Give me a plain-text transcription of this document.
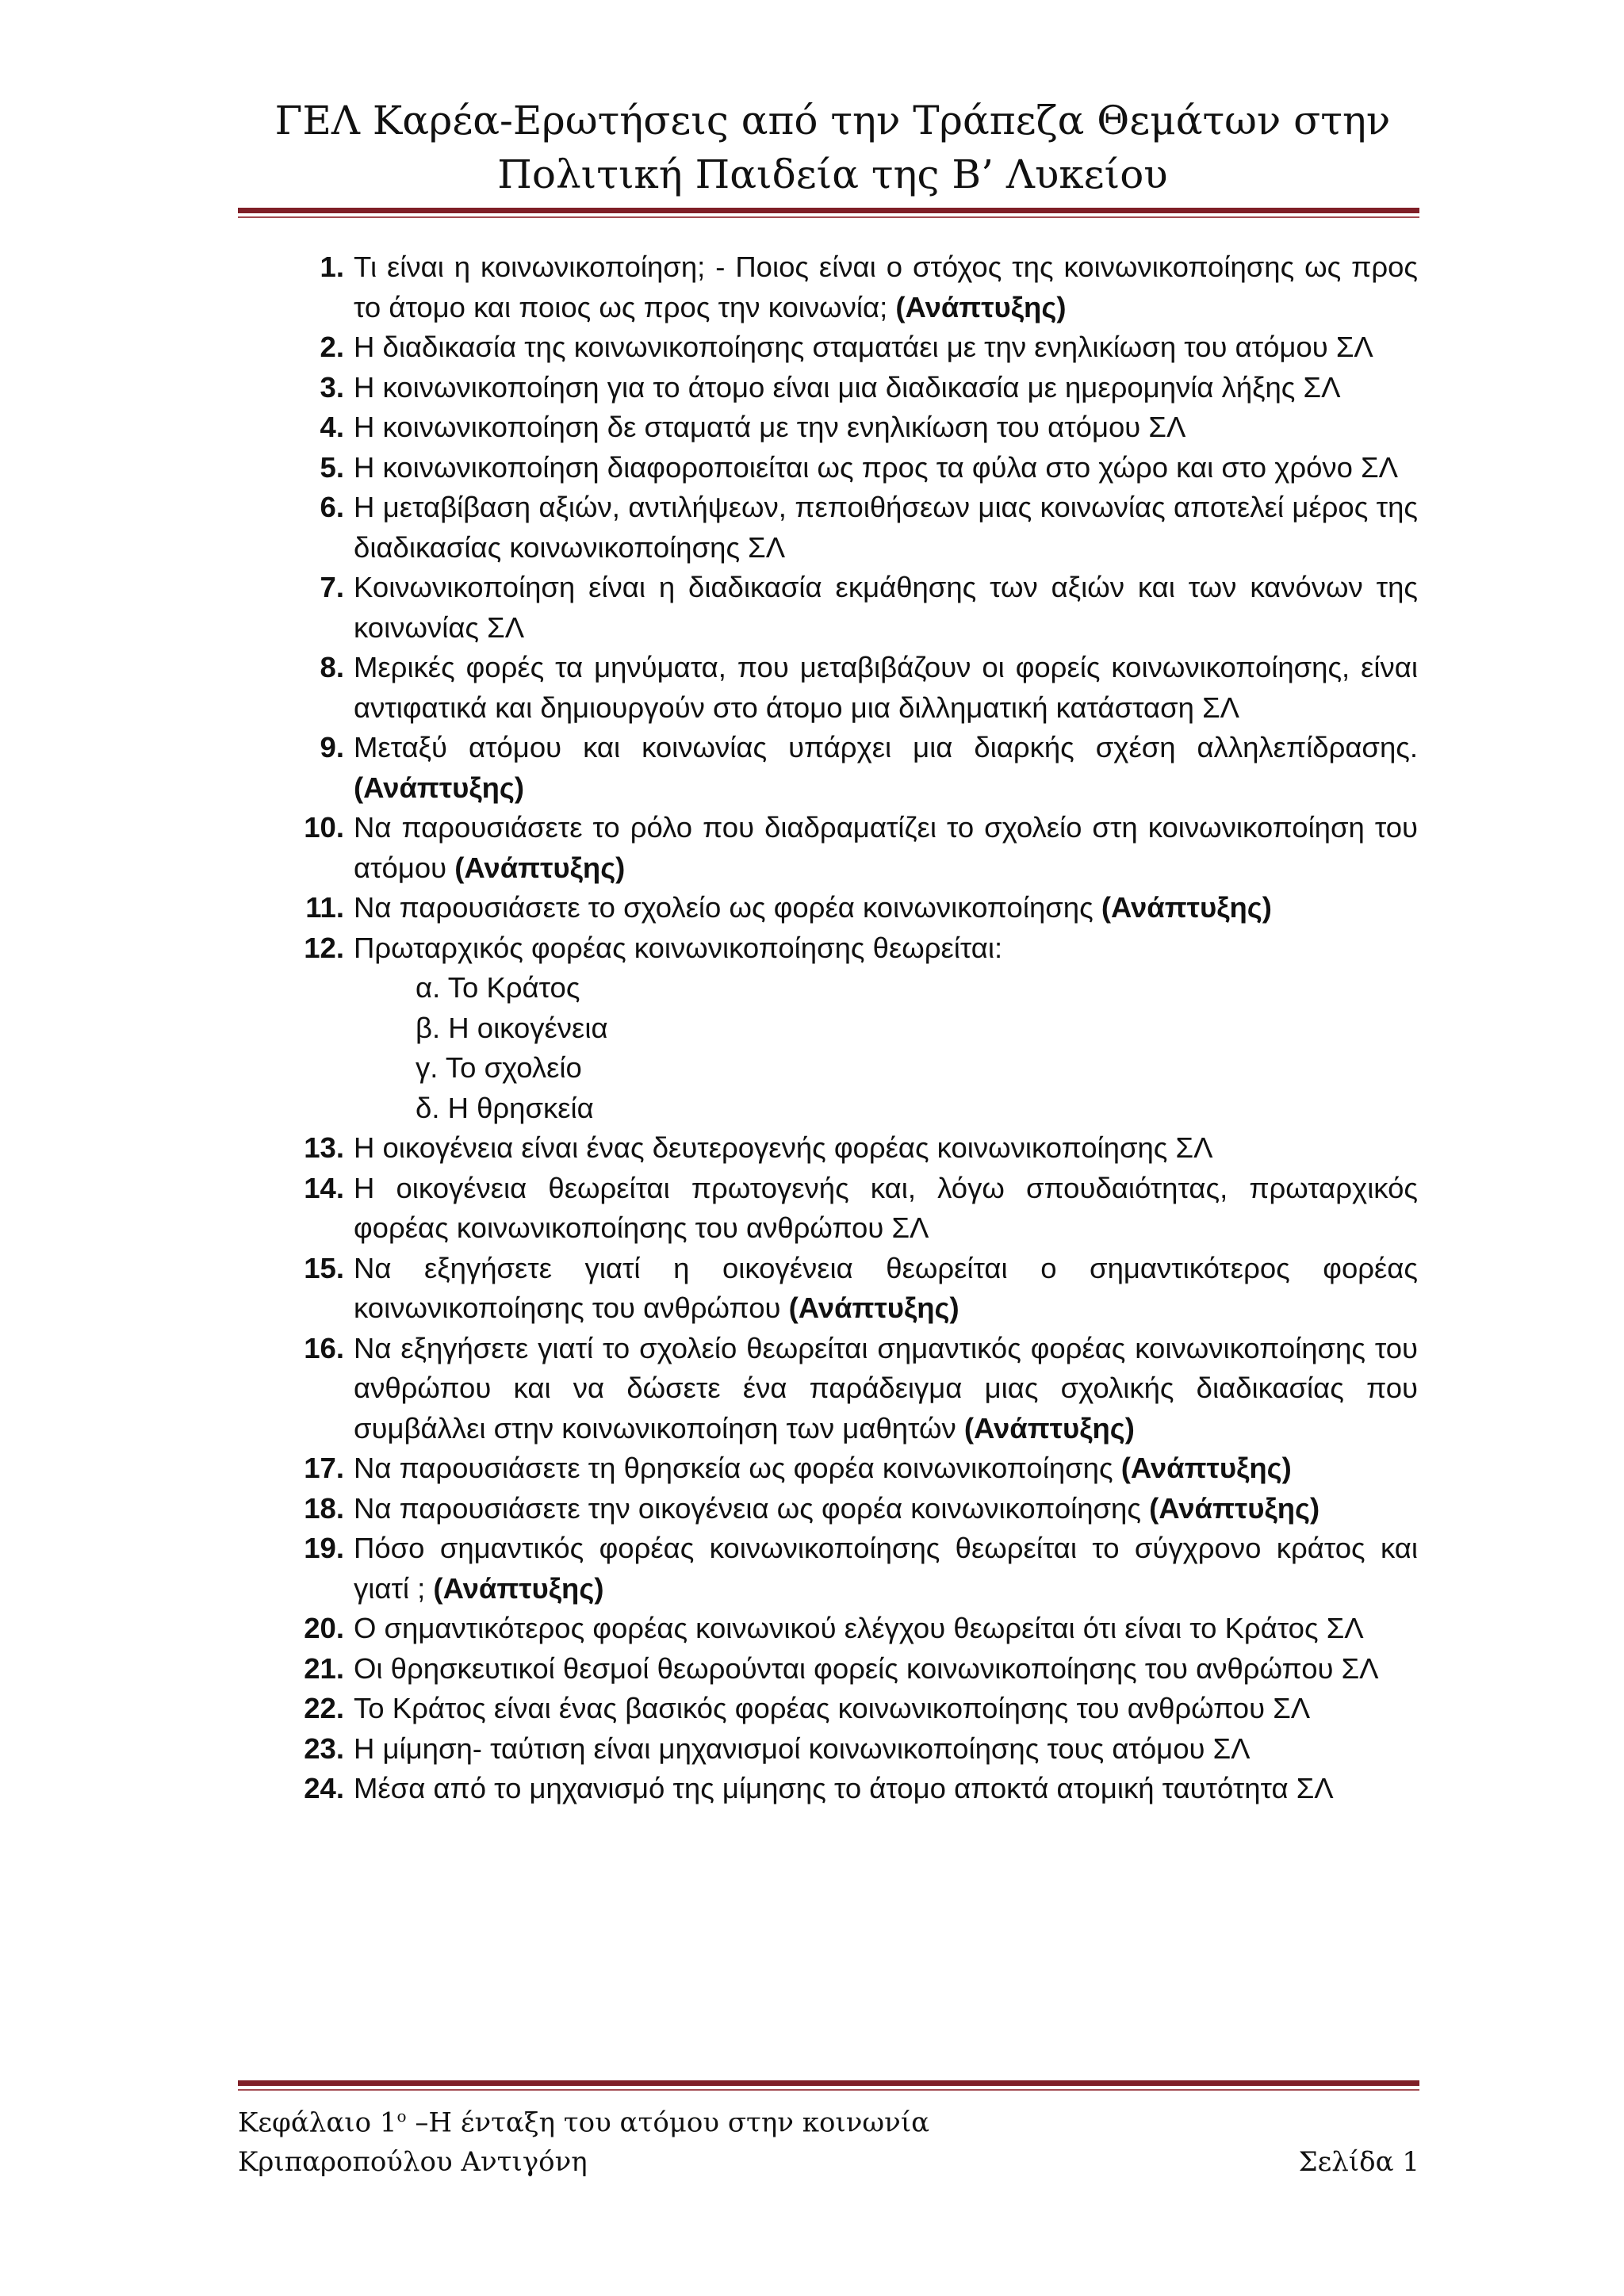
ΓΕΛ Καρέα-Ερωτήσεις από την Τράπεζα Θεμάτων στην
Πολιτική Παιδεία της Β’ Λυκείου
1. Τι είναι η κοινωνικοποίηση; - Ποιος είναι ο στόχος της κοινωνικοποίησης ως προς το άτομο και ποιος ως προς την κοινωνία; (Ανάπτυξης)
2. Η διαδικασία της κοινωνικοποίησης σταματάει με την ενηλικίωση του ατόμου ΣΛ
3. Η κοινωνικοποίηση για το άτομο είναι μια διαδικασία με ημερομηνία λήξης ΣΛ
4. Η κοινωνικοποίηση δε σταματά με την ενηλικίωση του ατόμου ΣΛ
5. Η κοινωνικοποίηση διαφοροποιείται ως προς τα φύλα στο χώρο και στο χρόνο ΣΛ
6. Η μεταβίβαση αξιών, αντιλήψεων, πεποιθήσεων μιας κοινωνίας αποτελεί μέρος της διαδικασίας κοινωνικοποίησης ΣΛ
7. Κοινωνικοποίηση είναι η διαδικασία εκμάθησης των αξιών και των κανόνων της κοινωνίας ΣΛ
8. Μερικές φορές τα μηνύματα, που μεταβιβάζουν οι φορείς κοινωνικοποίησης, είναι αντιφατικά και δημιουργούν στο άτομο μια διλληματική κατάσταση ΣΛ
9. Μεταξύ ατόμου και κοινωνίας υπάρχει μια διαρκής σχέση αλληλεπίδρασης. (Ανάπτυξης)
10. Να παρουσιάσετε το ρόλο που διαδραματίζει το σχολείο στη κοινωνικοποίηση του ατόμου (Ανάπτυξης)
11. Να παρουσιάσετε το σχολείο ως φορέα κοινωνικοποίησης (Ανάπτυξης)
12. Πρωταρχικός φορέας κοινωνικοποίησης θεωρείται:
α. Το Κράτος
β. Η οικογένεια
γ. Το σχολείο
δ. Η θρησκεία
13. Η οικογένεια είναι ένας δευτερογενής φορέας κοινωνικοποίησης ΣΛ
14. Η οικογένεια θεωρείται πρωτογενής και, λόγω σπουδαιότητας, πρωταρχικός φορέας κοινωνικοποίησης του ανθρώπου ΣΛ
15. Να εξηγήσετε γιατί η οικογένεια θεωρείται ο σημαντικότερος φορέας κοινωνικοποίησης του ανθρώπου (Ανάπτυξης)
16. Να εξηγήσετε γιατί το σχολείο θεωρείται σημαντικός φορέας κοινωνικοποίησης του ανθρώπου και να δώσετε ένα παράδειγμα μιας σχολικής διαδικασίας που συμβάλλει στην κοινωνικοποίηση των μαθητών (Ανάπτυξης)
17. Να παρουσιάσετε τη θρησκεία ως φορέα κοινωνικοποίησης (Ανάπτυξης)
18. Να παρουσιάσετε την οικογένεια ως φορέα κοινωνικοποίησης (Ανάπτυξης)
19. Πόσο σημαντικός φορέας κοινωνικοποίησης θεωρείται το σύγχρονο κράτος και γιατί ; (Ανάπτυξης)
20. Ο σημαντικότερος φορέας κοινωνικού ελέγχου θεωρείται ότι είναι το Κράτος ΣΛ
21. Οι θρησκευτικοί θεσμοί θεωρούνται φορείς κοινωνικοποίησης του ανθρώπου ΣΛ
22. Το Κράτος είναι ένας βασικός φορέας κοινωνικοποίησης του ανθρώπου ΣΛ
23. Η μίμηση- ταύτιση είναι μηχανισμοί κοινωνικοποίησης τους ατόμου ΣΛ
24. Μέσα από το μηχανισμό της μίμησης το άτομο αποκτά ατομική ταυτότητα ΣΛ
Κεφάλαιο $1^o$ –Η ένταξη του ατόμου στην κοινωνία
Κριπαροπούλου Αντιγόνη	Σελίδα 1
